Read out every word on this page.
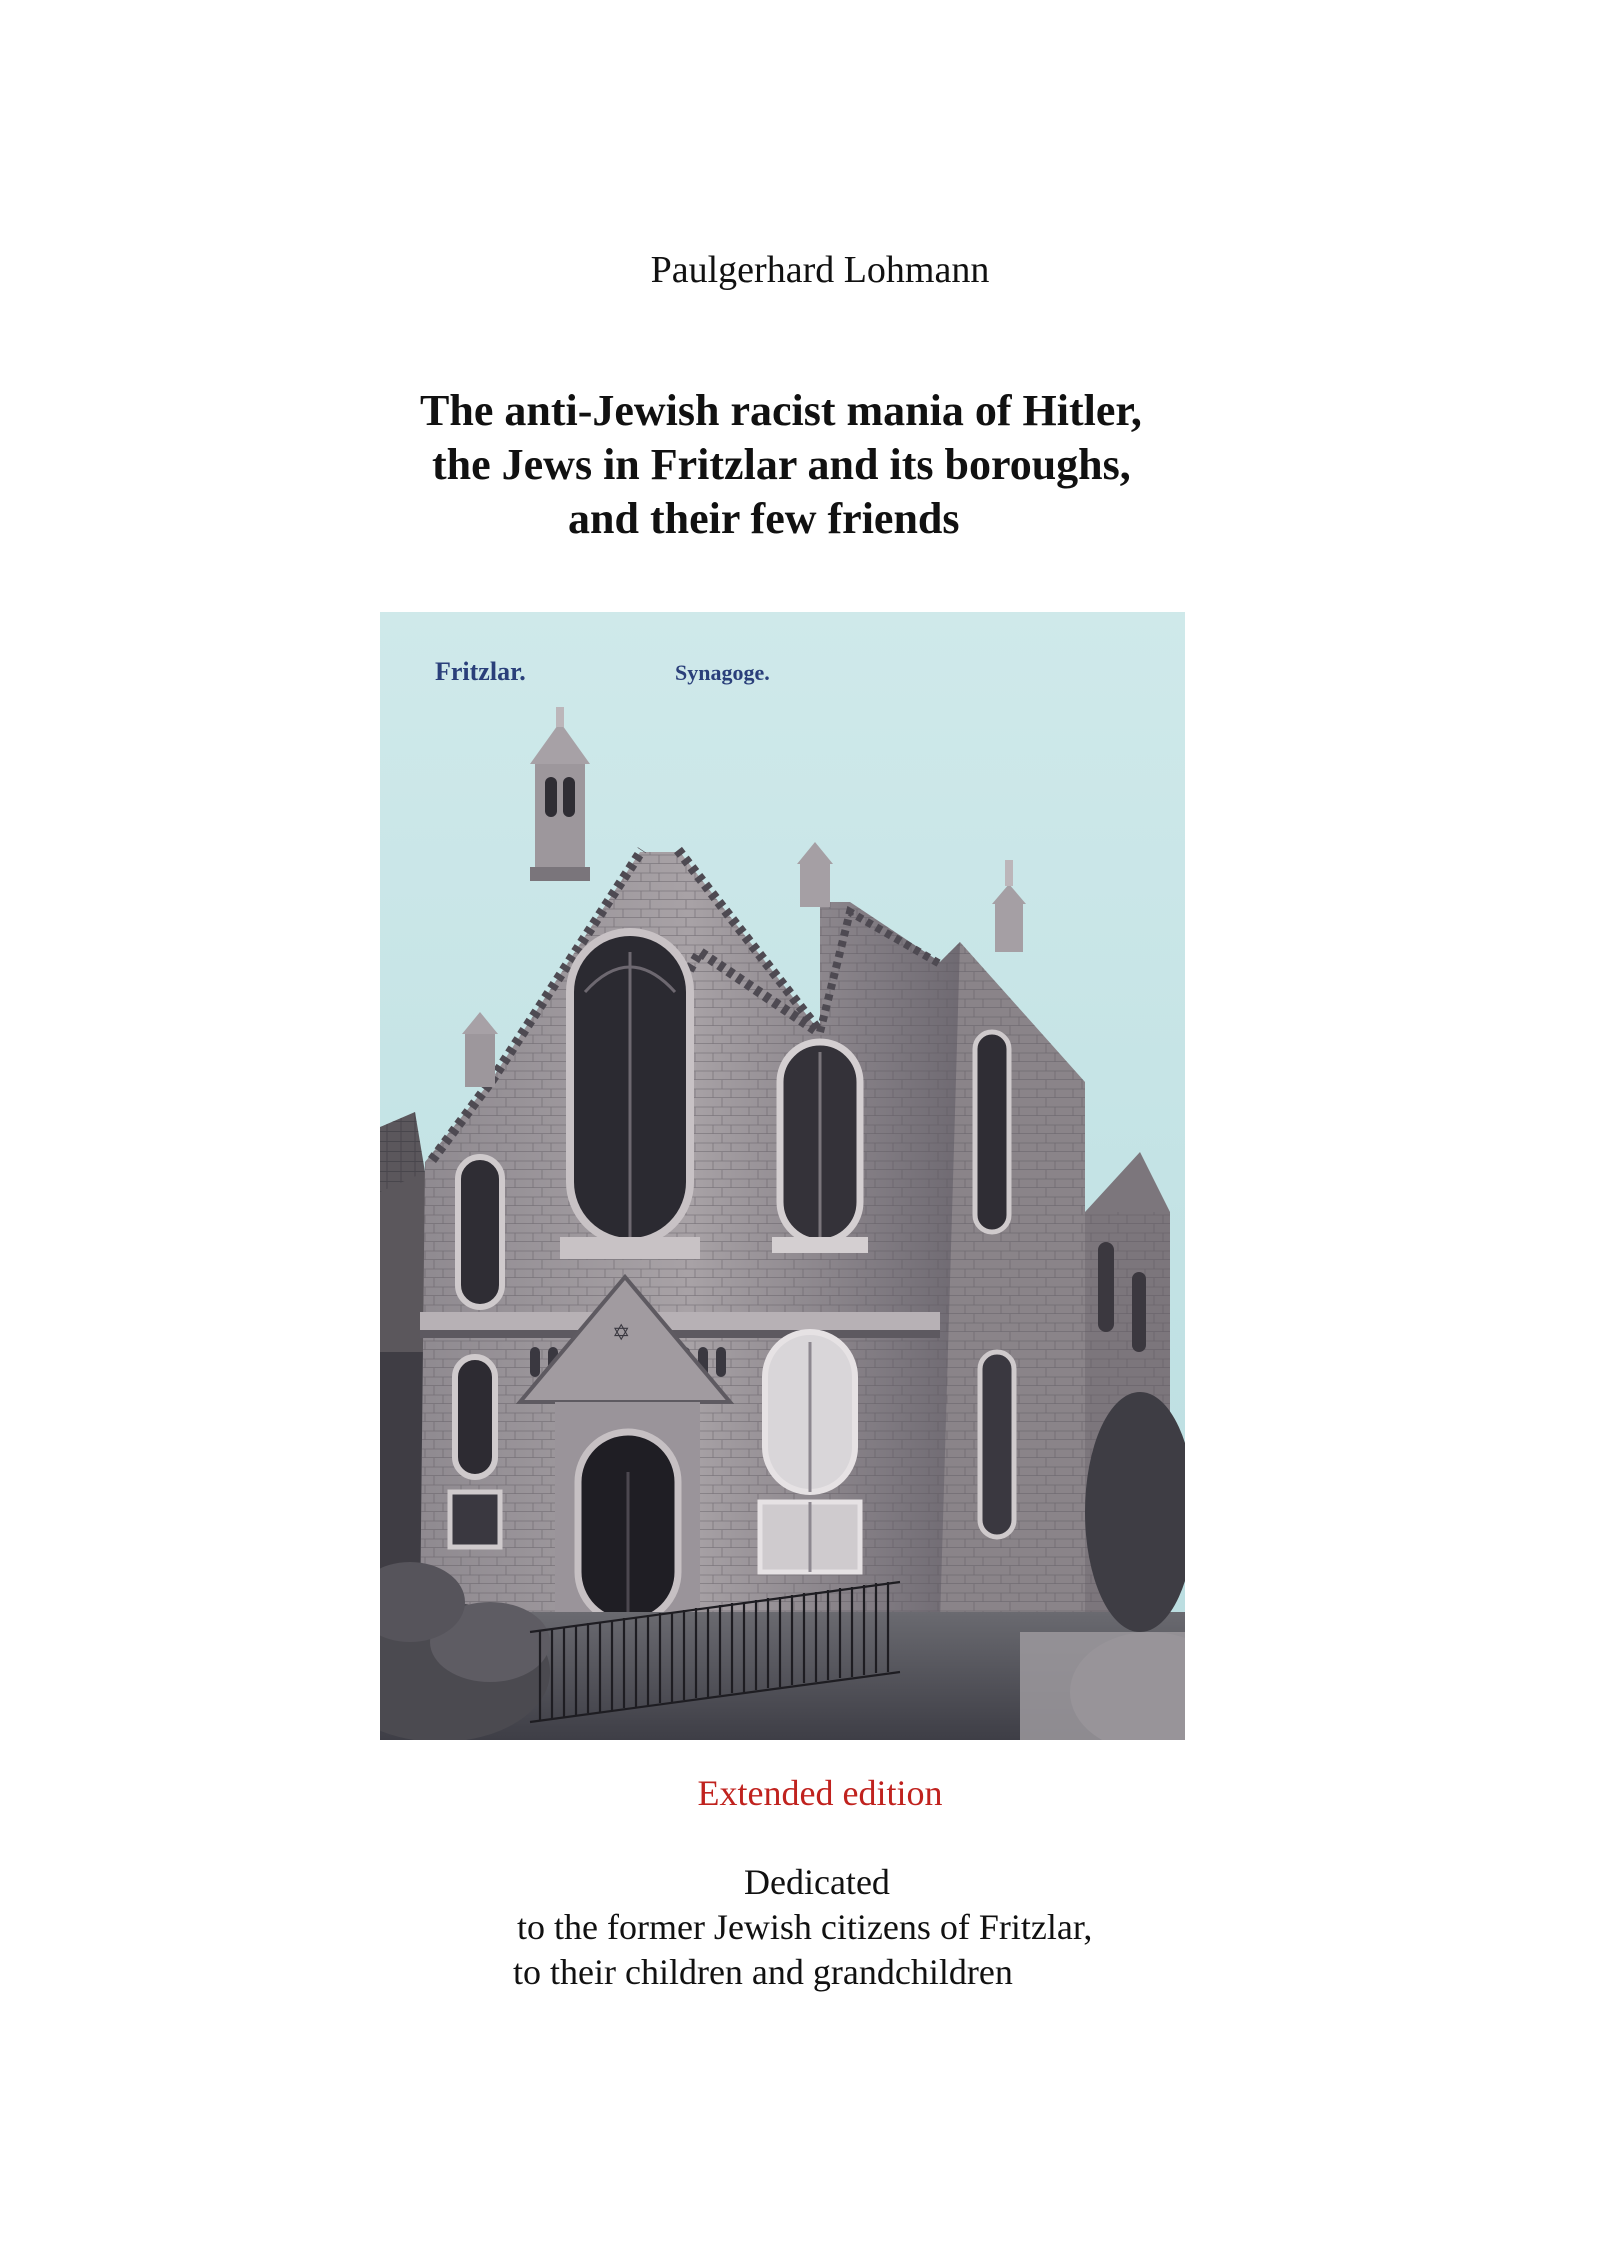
Paulgerhard Lohmann
The anti-Jewish racist mania of Hitler,
the Jews in Fritzlar and its boroughs,
and their few friends
Fritzlar.	Synagoge.
✡
Extended edition
Dedicated
to the former Jewish citizens of Fritzlar,
to their children and grandchildren
